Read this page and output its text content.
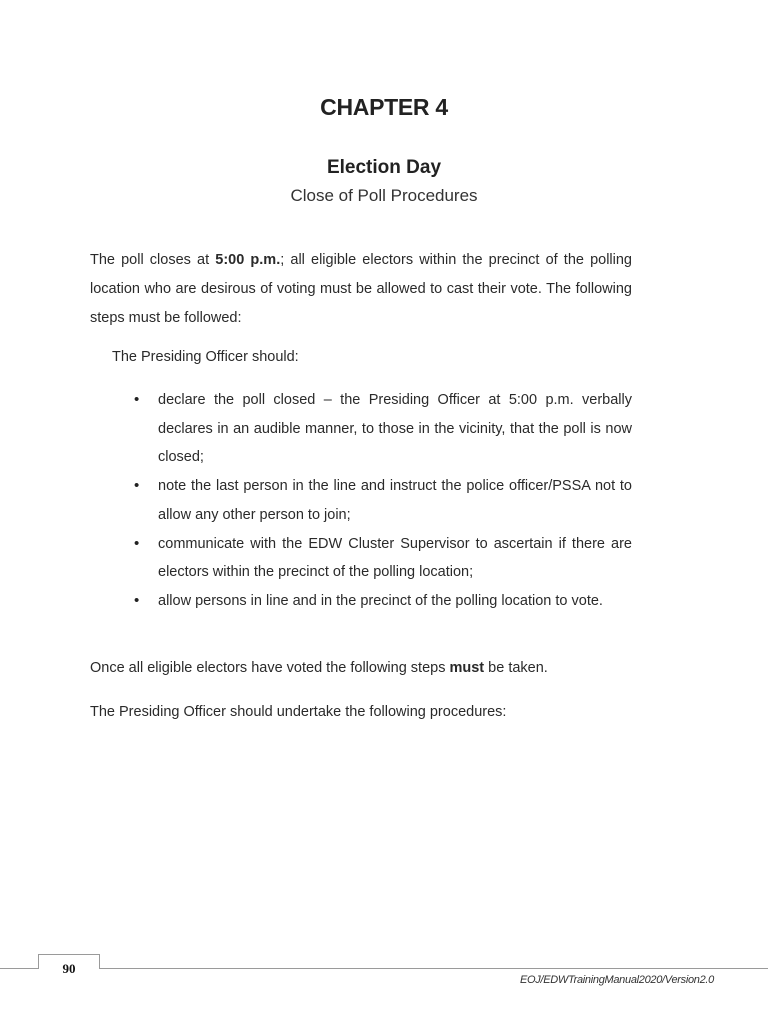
CHAPTER 4
Election Day
Close of Poll Procedures

The poll closes at 5:00 p.m.; all eligible electors within the precinct of the polling location who are desirous of voting must be allowed to cast their vote. The following steps must be followed:

The Presiding Officer should:

• declare the poll closed – the Presiding Officer at 5:00 p.m. verbally declares in an audible manner, to those in the vicinity, that the poll is now closed;
• note the last person in the line and instruct the police officer/PSSA not to allow any other person to join;
• communicate with the EDW Cluster Supervisor to ascertain if there are electors within the precinct of the polling location;
• allow persons in line and in the precinct of the polling location to vote.

Once all eligible electors have voted the following steps must be taken.

The Presiding Officer should undertake the following procedures:

90
EOJ/EDWTrainingManual2020/Version2.0
